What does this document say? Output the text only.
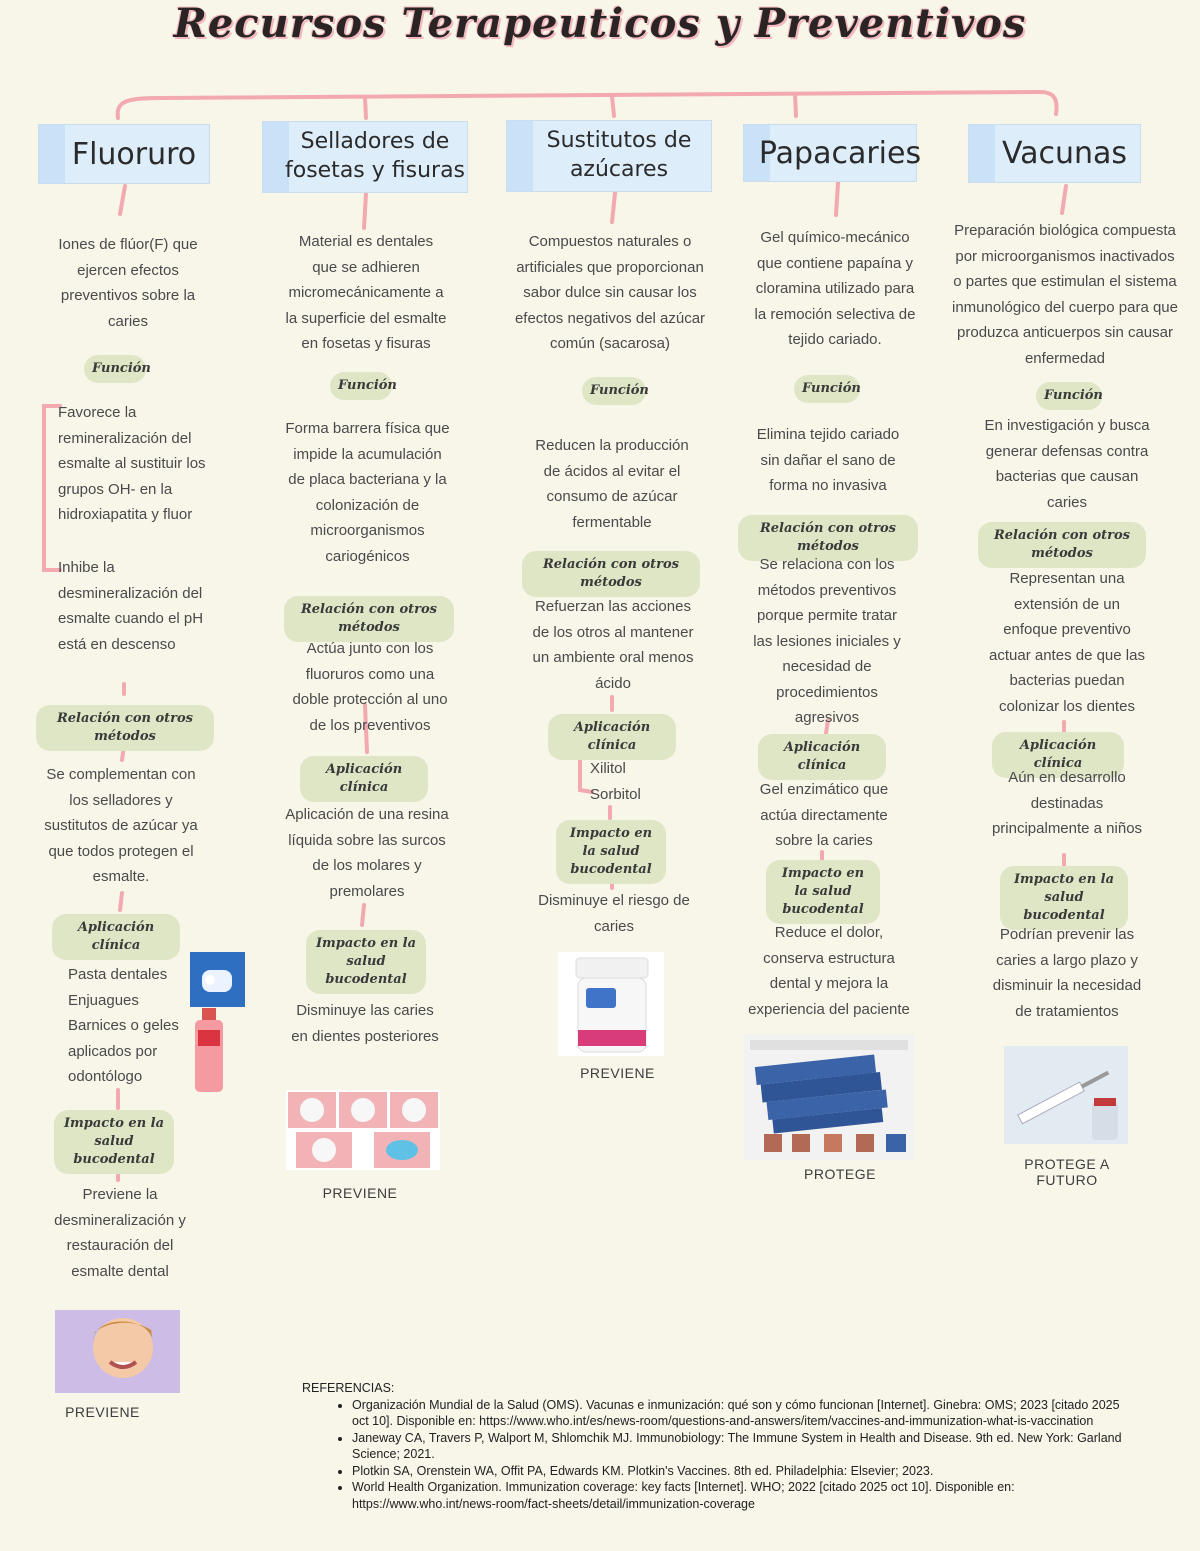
Recursos Terapeuticos y Preventivos
Fluoruro
Iones de flúor(F) que ejercen efectos preventivos sobre la caries
Función
Favorece la remineralización del esmalte al sustituir los grupos OH- en la hidroxiapatita y fluor
Inhibe la desmineralización del esmalte cuando el pH está en descenso
Relación con otros métodos
Se complementan con los selladores y sustitutos de azúcar ya que todos protegen el esmalte.
Aplicación clínica
Pasta dentales
Enjuagues
Barnices o geles aplicados por odontólogo
Impacto en la salud bucodental
Previene la desmineralización y restauración del esmalte dental
PREVIENE
Selladores de fosetas y fisuras
Material es dentales que se adhieren micromecánicamente a la superficie del esmalte en fosetas y fisuras
Función
Forma barrera física que impide la acumulación de placa bacteriana y la colonización de microorganismos cariogénicos
Relación con otros métodos
Actúa junto con los fluoruros como una doble protección al uno de los preventivos
Aplicación clínica
Aplicación de una resina líquida sobre las surcos de los molares y premolares
Impacto en la salud bucodental
Disminuye las caries en dientes posteriores
PREVIENE
Sustitutos de azúcares
Compuestos naturales o artificiales que proporcionan sabor dulce sin causar los efectos negativos del azúcar común (sacarosa)
Función
Reducen la producción de ácidos al evitar el consumo de azúcar fermentable
Relación con otros métodos
Refuerzan las acciones de los otros al mantener un ambiente oral menos ácido
Aplicación clínica
Xilitol
Sorbitol
Impacto en la salud bucodental
Disminuye el riesgo de caries
PREVIENE
Papacaries
Gel químico-mecánico que contiene papaína y cloramina utilizado para la remoción selectiva de tejido cariado.
Función
Elimina tejido cariado sin dañar el sano de forma no invasiva
Relación con otros métodos
Se relaciona con los métodos preventivos porque permite tratar las lesiones iniciales y necesidad de procedimientos agresivos
Aplicación clínica
Gel enzimático que actúa directamente sobre la caries
Impacto en la salud bucodental
Reduce el dolor, conserva estructura dental y mejora la experiencia del paciente
PROTEGE
Vacunas
Preparación biológica compuesta por microorganismos inactivados o partes que estimulan el sistema inmunológico del cuerpo para que produzca anticuerpos sin causar enfermedad
Función
En investigación y busca generar defensas contra bacterias que causan caries
Relación con otros métodos
Representan una extensión de un enfoque preventivo actuar antes de que las bacterias puedan colonizar los dientes
Aplicación clínica
Aún en desarrollo destinadas principalmente a niños
Impacto en la salud bucodental
Podrían prevenir las caries a largo plazo y disminuir la necesidad de tratamientos
PROTEGE A FUTURO
REFERENCIAS:
• Organización Mundial de la Salud (OMS). Vacunas e inmunización: qué son y cómo funcionan [Internet]. Ginebra: OMS; 2023 [citado 2025 oct 10]. Disponible en: https://www.who.int/es/news-room/questions-and-answers/item/vaccines-and-immunization-what-is-vaccination
• Janeway CA, Travers P, Walport M, Shlomchik MJ. Immunobiology: The Immune System in Health and Disease. 9th ed. New York: Garland Science; 2021.
• Plotkin SA, Orenstein WA, Offit PA, Edwards KM. Plotkin's Vaccines. 8th ed. Philadelphia: Elsevier; 2023.
• World Health Organization. Immunization coverage: key facts [Internet]. WHO; 2022 [citado 2025 oct 10]. Disponible en: https://www.who.int/news-room/fact-sheets/detail/immunization-coverage
